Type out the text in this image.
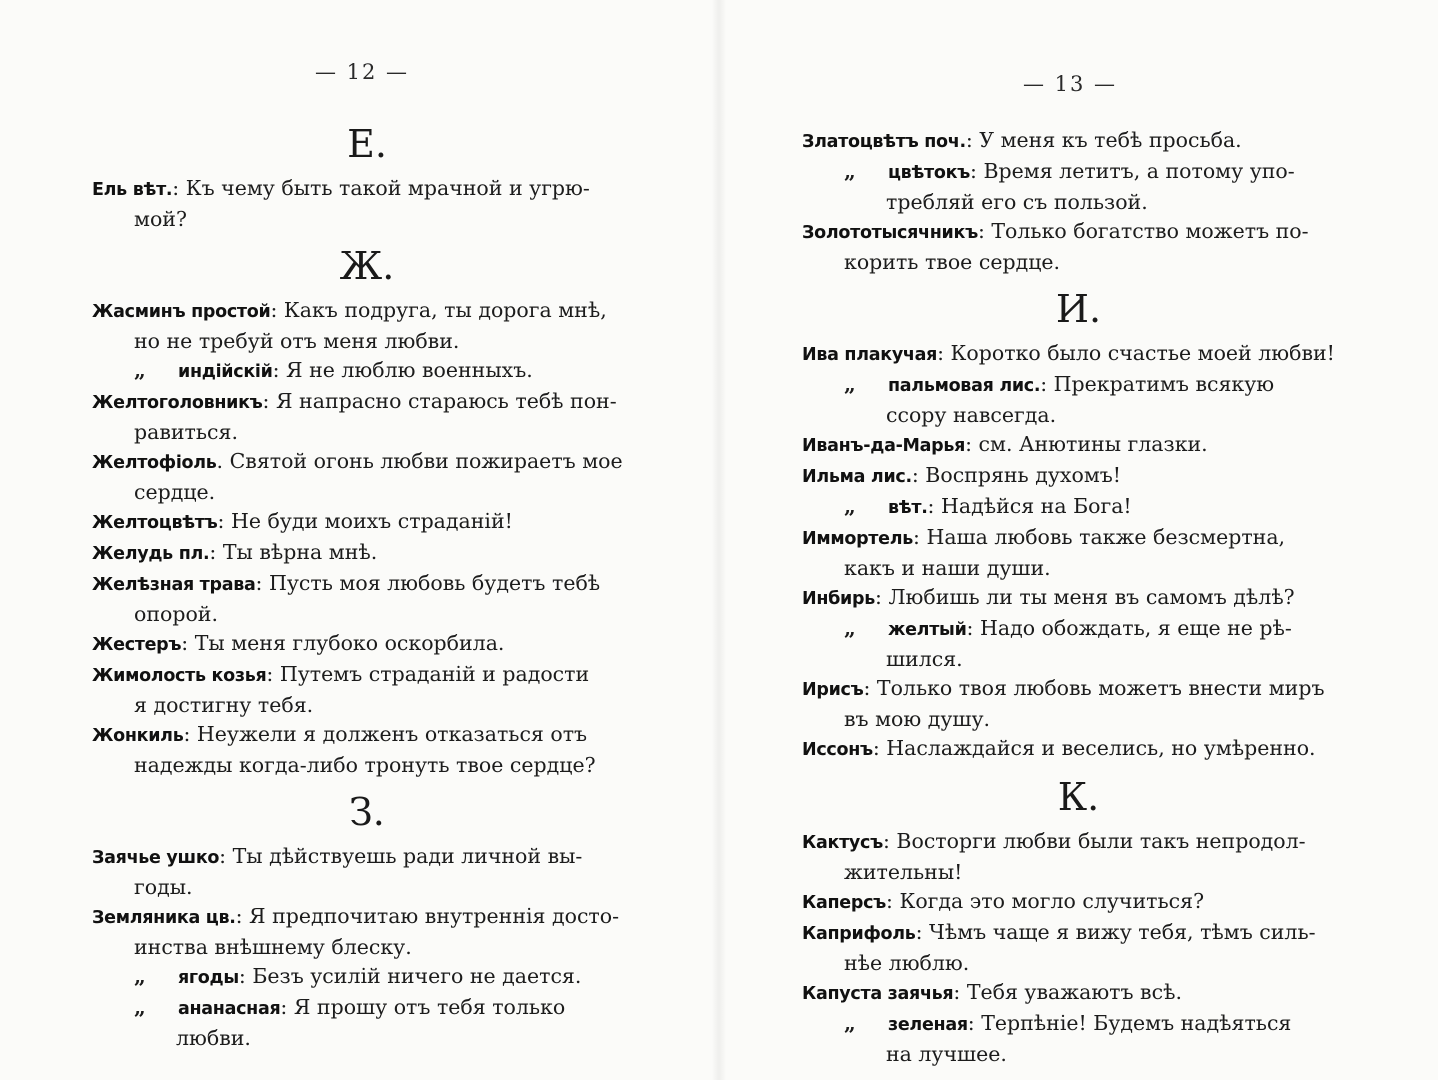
— 12 —
Е.
Ель вѣт.: Къ чему быть такой мрачной и угрю-
мой?
Ж.
Жасминъ простой: Какъ подруга, ты дорога мнѣ,
но не требуй отъ меня любви.
„ индійскій: Я не люблю военныхъ.
Желтоголовникъ: Я напрасно стараюсь тебѣ пон-
равиться.
Желтофіоль. Святой огонь любви пожираетъ мое
сердце.
Желтоцвѣтъ: Не буди моихъ страданій!
Желудь пл.: Ты вѣрна мнѣ.
Желѣзная трава: Пусть моя любовь будетъ тебѣ
опорой.
Жестеръ: Ты меня глубоко оскорбила.
Жимолость козья: Путемъ страданій и радости
я достигну тебя.
Жонкиль: Неужели я долженъ отказаться отъ
надежды когда-либо тронуть твое сердце?
З.
Заячье ушко: Ты дѣйствуешь ради личной вы-
годы.
Земляника цв.: Я предпочитаю внутреннія досто-
инства внѣшнему блеску.
„ ягоды: Безъ усилій ничего не дается.
„ ананасная: Я прошу отъ тебя только
любви.
— 13 —
Златоцвѣтъ поч.: У меня къ тебѣ просьба.
„ цвѣтокъ: Время летитъ, а потому упо-
требляй его съ пользой.
Золототысячникъ: Только богатство можетъ по-
корить твое сердце.
И.
Ива плакучая: Коротко было счастье моей любви!
„ пальмовая лис.: Прекратимъ всякую
ссору навсегда.
Иванъ-да-Марья: см. Анютины глазки.
Ильма лис.: Воспрянь духомъ!
„ вѣт.: Надѣйся на Бога!
Иммортель: Наша любовь также безсмертна,
какъ и наши души.
Инбирь: Любишь ли ты меня въ самомъ дѣлѣ?
„ желтый: Надо обождать, я еще не рѣ-
шился.
Ирисъ: Только твоя любовь можетъ внести миръ
въ мою душу.
Иссонъ: Наслаждайся и веселись, но умѣренно.
К.
Кактусъ: Восторги любви были такъ непродол-
жительны!
Каперсъ: Когда это могло случиться?
Каприфоль: Чѣмъ чаще я вижу тебя, тѣмъ силь-
нѣе люблю.
Капуста заячья: Тебя уважаютъ всѣ.
„ зеленая: Терпѣніе! Будемъ надѣяться
на лучшее.
